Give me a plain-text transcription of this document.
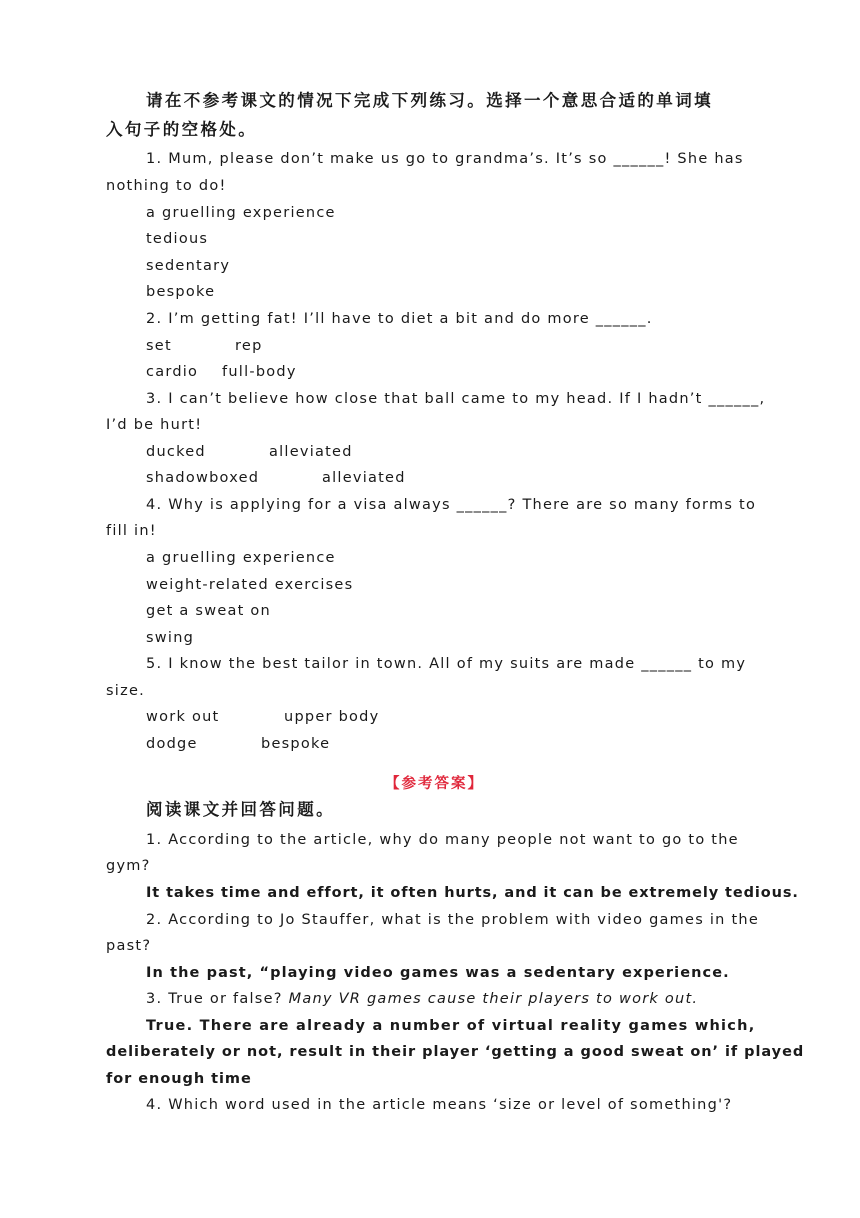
请在不参考课文的情况下完成下列练习。选择一个意思合适的单词填
入句子的空格处。
1. Mum, please don’t make us go to grandma’s. It’s so ______! She has
nothing to do!
a gruelling experience
tedious
sedentary
bespoke
2. I’m getting fat! I’ll have to diet a bit and do more ______.
set	rep
cardio full-body
3. I can’t believe how close that ball came to my head. If I hadn’t ______,
I’d be hurt!
ducked	alleviated
shadowboxed	alleviated
4. Why is applying for a visa always ______? There are so many forms to
fill in!
a gruelling experience
weight-related exercises
get a sweat on
swing
5. I know the best tailor in town. All of my suits are made ______ to my
size.
work out	upper body
dodge	bespoke
【参考答案】
阅读课文并回答问题。
1. According to the article, why do many people not want to go to the
gym?
It takes time and effort, it often hurts, and it can be extremely tedious.
2. According to Jo Stauffer, what is the problem with video games in the
past?
In the past, “playing video games was a sedentary experience.
3. True or false? Many VR games cause their players to work out.
True. There are already a number of virtual reality games which,
deliberately or not, result in their player ‘getting a good sweat on’ if played
for enough time
4. Which word used in the article means ‘size or level of something'?
